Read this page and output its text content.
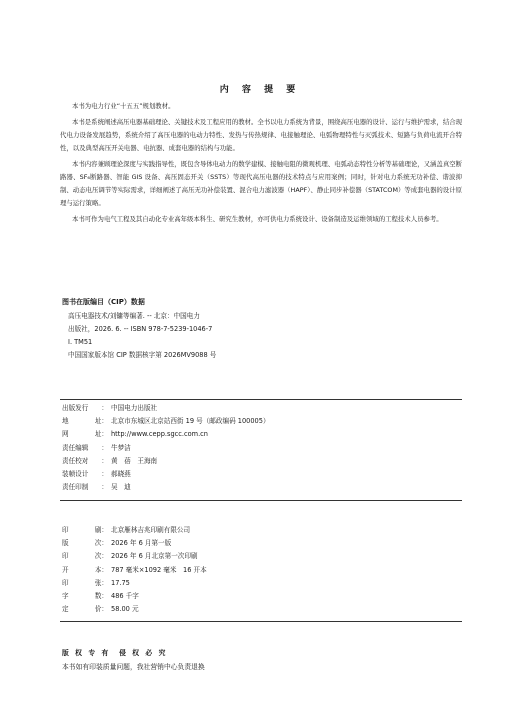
内 容 提 要

本书为电力行业“十五五”规划教材。

本书是系统阐述高压电器基础理论、关键技术及工程应用的教材。全书以电力系统为背景，围绕高压电器的设计、运行与维护需求，结合现代电力设备发展趋势，系统介绍了高压电器的电动力特性、发热与传热规律、电接触理论、电弧物理特性与灭弧技术、短路与负荷电流开合特性，以及典型高压开关电器、电抗器、成套电器的结构与功能。

本书内容兼顾理论深度与实践指导性，既包含导体电动力的数学建模、接触电阻的微观机理、电弧动态特性分析等基础理论，又涵盖真空断路器、SF₆断路器、智能 GIS 设备、高压固态开关（SSTS）等现代高压电器的技术特点与应用案例；同时，针对电力系统无功补偿、谐波抑制、动态电压调节等实际需求，详细阐述了高压无功补偿装置、混合电力滤波器（HAPF）、静止同步补偿器（STATCOM）等成套电器的设计原理与运行策略。

本书可作为电气工程及其自动化专业高年级本科生、研究生教材，亦可供电力系统设计、设备制造及运维领域的工程技术人员参考。

图书在版编目（CIP）数据
高压电器技术/刘镛等编著. -- 北京：中国电力
出版社，2026. 6. -- ISBN 978-7-5239-1046-7
Ⅰ. TM51
中国国家版本馆 CIP 数据核字第 2026MV9088 号
出版发行 ： 中国电力出版社
地	址： 北京市东城区北京站西街 19 号（邮政编码 100005）
网	址： http://www.cepp.sgcc.com.cn
责任编辑 ： 牛梦洁
责任校对 ： 黄　蓓　王海南
装帧设计 ： 郝晓燕
责任印制 ： 吴　迪
印	刷： 北京雁林吉兆印刷有限公司
版	次： 2026 年 6 月第一版
印	次： 2026 年 6 月北京第一次印刷
开	本： 787 毫米×1092 毫米　16 开本
印	张： 17.75
字	数： 486 千字
定	价： 58.00 元
版 权 专 有　侵 权 必 究
本书如有印装质量问题，我社营销中心负责退换
